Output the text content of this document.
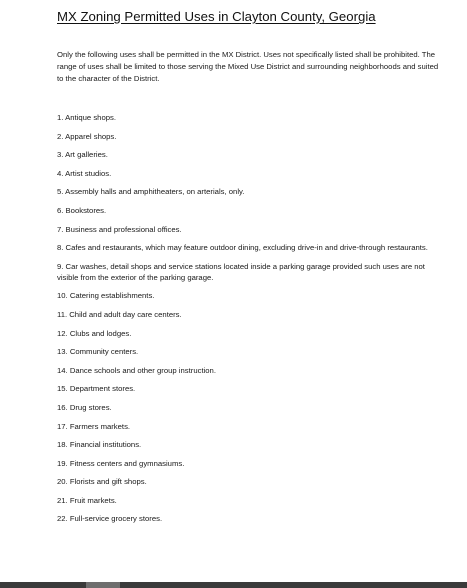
MX Zoning Permitted Uses in Clayton County, Georgia
Only the following uses shall be permitted in the MX District. Uses not specifically listed shall be prohibited. The range of uses shall be limited to those serving the Mixed Use District and surrounding neighborhoods and suited to the character of the District.
1. Antique shops.
2. Apparel shops.
3. Art galleries.
4. Artist studios.
5. Assembly halls and amphitheaters, on arterials, only.
6. Bookstores.
7. Business and professional offices.
8. Cafes and restaurants, which may feature outdoor dining, excluding drive-in and drive-through restaurants.
9. Car washes, detail shops and service stations located inside a parking garage provided such uses are not visible from the exterior of the parking garage.
10. Catering establishments.
11. Child and adult day care centers.
12. Clubs and lodges.
13. Community centers.
14. Dance schools and other group instruction.
15. Department stores.
16. Drug stores.
17. Farmers markets.
18. Financial institutions.
19. Fitness centers and gymnasiums.
20. Florists and gift shops.
21. Fruit markets.
22. Full-service grocery stores.
